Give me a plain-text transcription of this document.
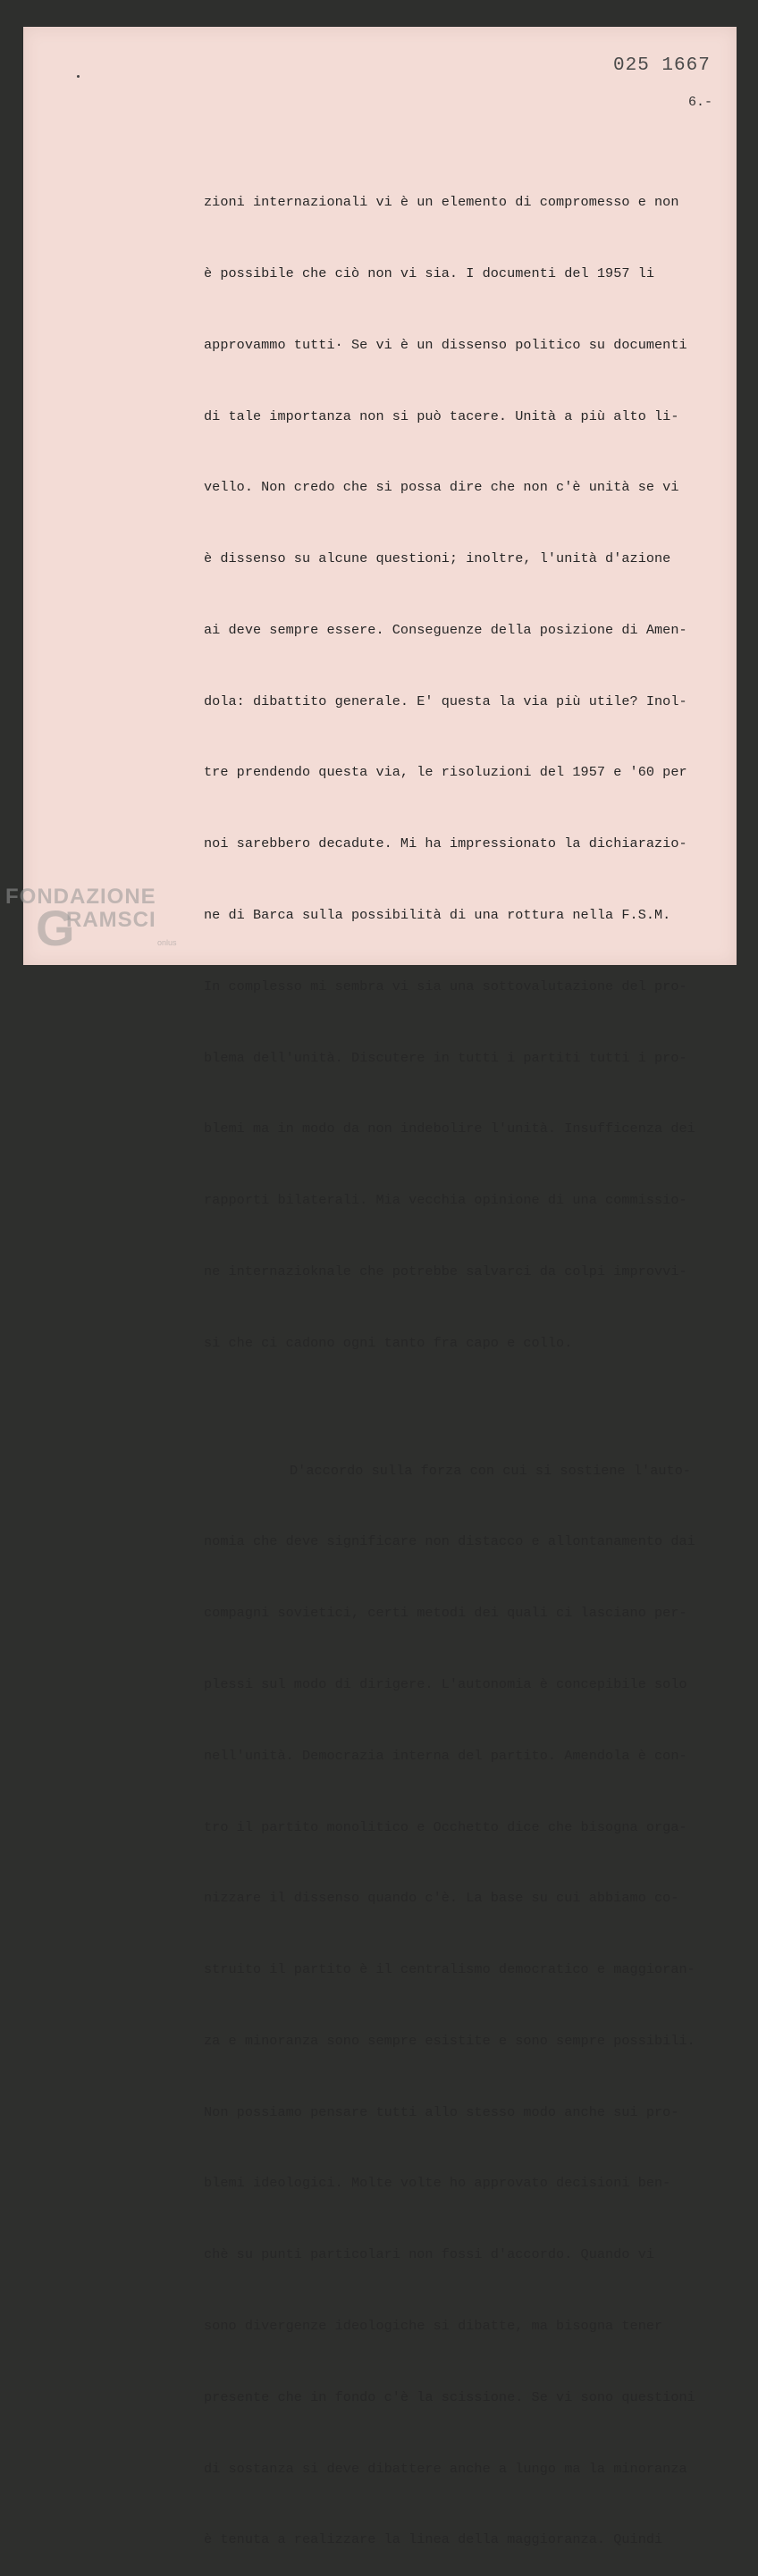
025 1667
6.-

zioni internazionali vi è un elemento di compromesso e non

è possibile che ciò non vi sia. I documenti del 1957 li

approvammo tutti· Se vi è un dissenso politico su documenti

di tale importanza non si può tacere. Unità a più alto li-

vello. Non credo che si possa dire che non c'è unità se vi

è dissenso su alcune questioni; inoltre, l'unità d'azione

ai deve sempre essere. Conseguenze della posizione di Amen-

dola: dibattito generale. E' questa la via più utile? Inol-

tre prendendo questa via, le risoluzioni del 1957 e '60 per

noi sarebbero decadute. Mi ha impressionato la dichiarazio-

ne di Barca sulla possibilità di una rottura nella F.S.M.

In complesso mi sembra vi sia una sottovalutazione del pro-

blema dell'unità. Discutere in tutti i partiti tutti i pro-

blemi ma in modo da non indebolire l'unità. Insufficenza dei

rapporti bilaterali. Mia vecchia opinione di una commissio-

ne internazioknale che potrebbe salvarci da colpi improvvi-

si che ci cadono ogni tanto fra capo e collo.

D'accordo sulla forza con cui si sostiene l'auto-

nomia che deve significare non distacco e allontanamento dai

compagni sovietici, certi metodi dei quali ci lasciano per-

plessi sul modo di dirigere. L'autonomia è concepibile solo

nell'unità. Democrazia interna del partito. Amendola è con-

tro il partito monolitico e Occhetto dice che bisogna orga-

nizzare il dissenso quando c'è. La base su cui abbiamo co-

struito il partito è il centralismo democratico e maggioran-

za e minoranza sono sempre esistite e sono sempre possibili.

Non possiamo pensare tutti allo stesso modo anche sui pro-

blemi ideologici. Molte volte ho approvato decisioni ben-

chè su punti particolari non fossi d'accordo. Quando vi

sono divergenze ideologiche si dibatte, ma bisogna tener

presente che in fondo c'è la scissione. Se vi sono questioni

di sostanza si deve dibattere anche a lungo ma la minoranza

è tenuta a realizzare la linea della maggioranza. Quindi

FONDAZIONE
G
RAMSCI
onlus
